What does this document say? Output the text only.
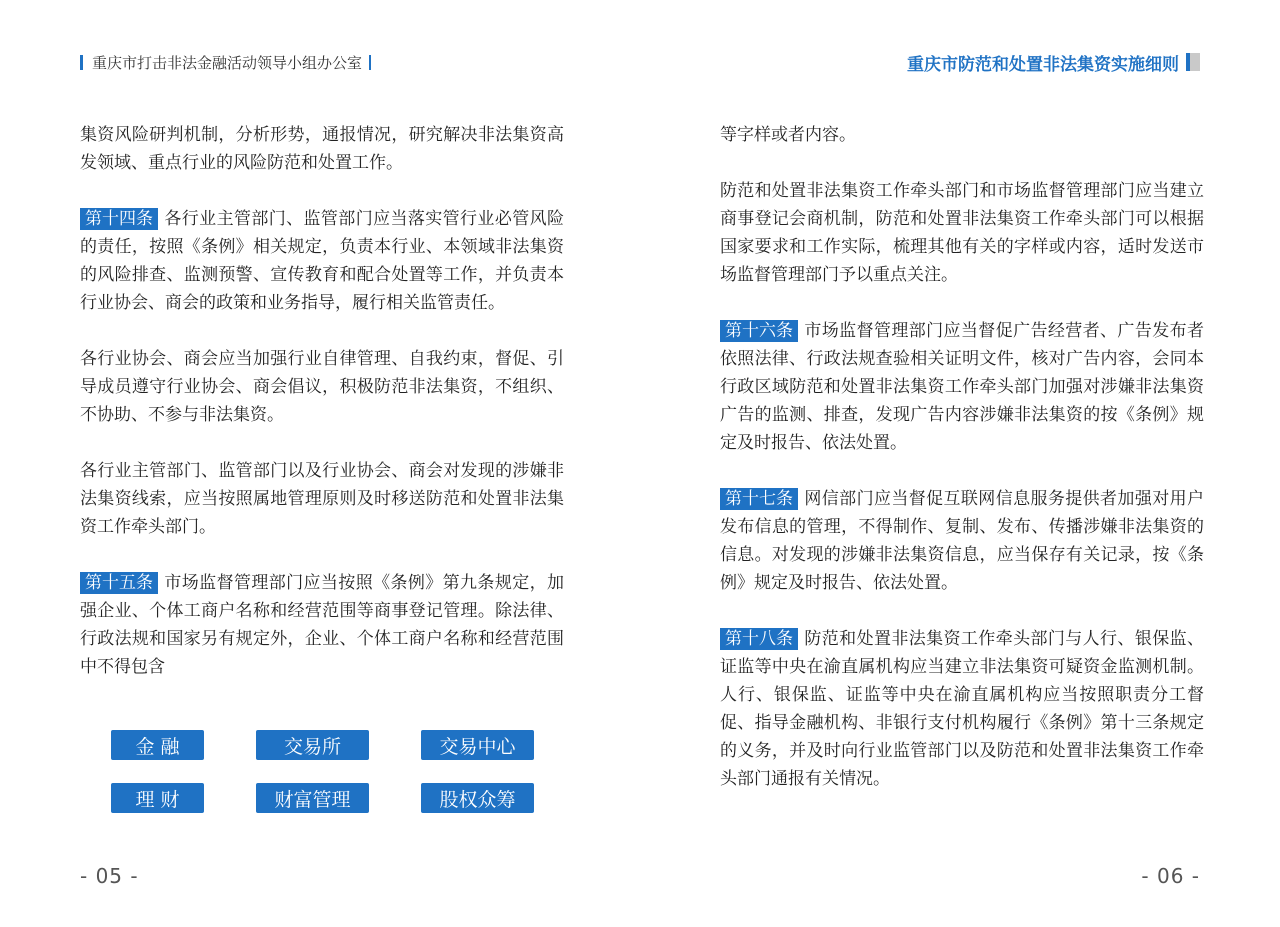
重庆市打击非法金融活动领导小组办公室

集资风险研判机制，分析形势，通报情况，研究解决非法集资高发领域、重点行业的风险防范和处置工作。

第十四条 各行业主管部门、监管部门应当落实管行业必管风险的责任，按照《条例》相关规定，负责本行业、本领域非法集资的风险排查、监测预警、宣传教育和配合处置等工作，并负责本行业协会、商会的政策和业务指导，履行相关监管责任。

各行业协会、商会应当加强行业自律管理、自我约束，督促、引导成员遵守行业协会、商会倡议，积极防范非法集资，不组织、不协助、不参与非法集资。

各行业主管部门、监管部门以及行业协会、商会对发现的涉嫌非法集资线索，应当按照属地管理原则及时移送防范和处置非法集资工作牵头部门。

第十五条 市场监督管理部门应当按照《条例》第九条规定，加强企业、个体工商户名称和经营范围等商事登记管理。除法律、行政法规和国家另有规定外，企业、个体工商户名称和经营范围中不得包含

金 融	交易所	交易中心
理 财	财富管理	股权众筹
- 05 -
重庆市防范和处置非法集资实施细则
- 06 -

等字样或者内容。

防范和处置非法集资工作牵头部门和市场监督管理部门应当建立商事登记会商机制，防范和处置非法集资工作牵头部门可以根据国家要求和工作实际，梳理其他有关的字样或内容，适时发送市场监督管理部门予以重点关注。

第十六条 市场监督管理部门应当督促广告经营者、广告发布者依照法律、行政法规查验相关证明文件，核对广告内容，会同本行政区域防范和处置非法集资工作牵头部门加强对涉嫌非法集资广告的监测、排查，发现广告内容涉嫌非法集资的按《条例》规定及时报告、依法处置。

第十七条 网信部门应当督促互联网信息服务提供者加强对用户发布信息的管理，不得制作、复制、发布、传播涉嫌非法集资的信息。对发现的涉嫌非法集资信息，应当保存有关记录，按《条例》规定及时报告、依法处置。

第十八条 防范和处置非法集资工作牵头部门与人行、银保监、证监等中央在渝直属机构应当建立非法集资可疑资金监测机制。人行、银保监、证监等中央在渝直属机构应当按照职责分工督促、指导金融机构、非银行支付机构履行《条例》第十三条规定的义务，并及时向行业监管部门以及防范和处置非法集资工作牵头部门通报有关情况。
